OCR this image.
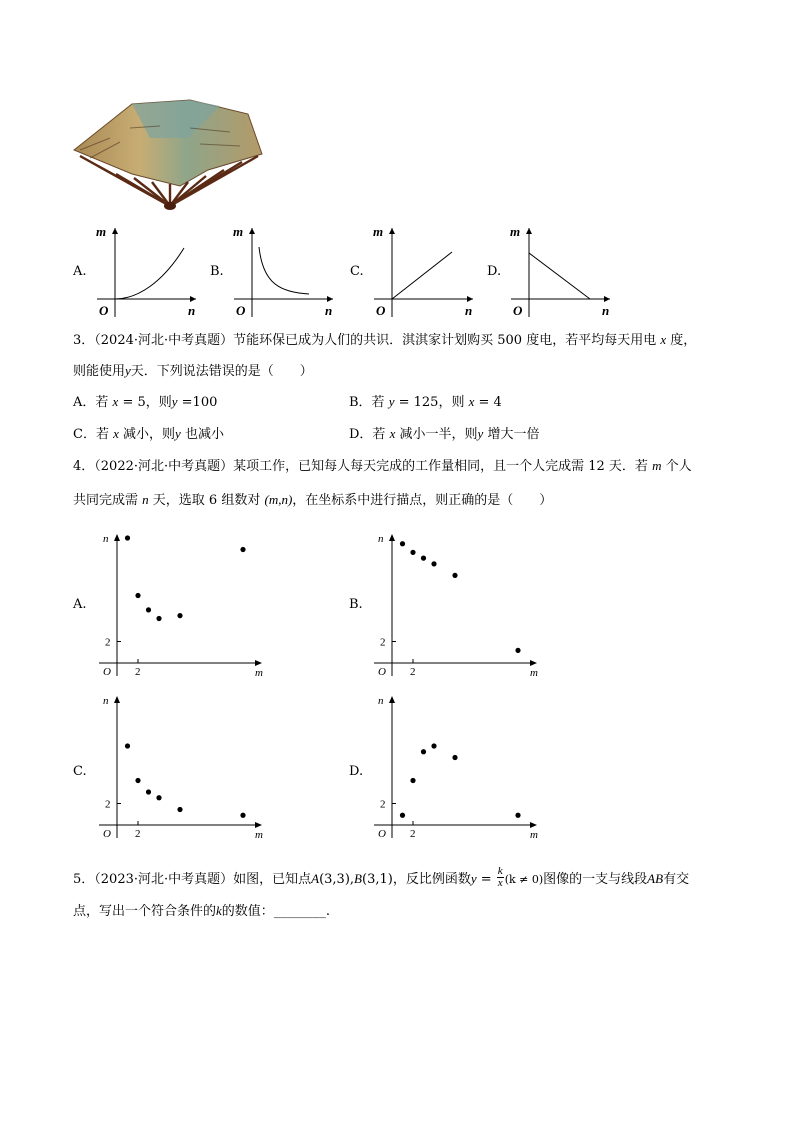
A.
m
n
O
B.
m
n
O
C.
m
n
O
D.
m
n
O
3．（2024·河北·中考真题）节能环保已成为人们的共识．淇淇家计划购买 500 度电，若平均每天用电 x 度，
则能使用y天．下列说法错误的是（　　）
A．若 x = 5，则y =100	B．若 y = 125，则 x = 4
C．若 x 减小，则y 也减小	D．若 x 减小一半，则y 增大一倍
4．（2022·河北·中考真题）某项工作，已知每人每天完成的工作量相同，且一个人完成需 12 天．若 m 个人
共同完成需 n 天，选取 6 组数对 (m,n)，在坐标系中进行描点，则正确的是（　　）
A.
n
m
O 2
2
B.
n
m
O 2
2
C.
n
m
O 2
2
D.
n
m
O 2
2
5．（2023·河北·中考真题）如图，已知点A(3,3),B(3,1)，反比例函数$y = \frac{k}{x} (k \ne 0)$图像的一支与线段AB有交
点，写出一个符合条件的k的数值：________.
